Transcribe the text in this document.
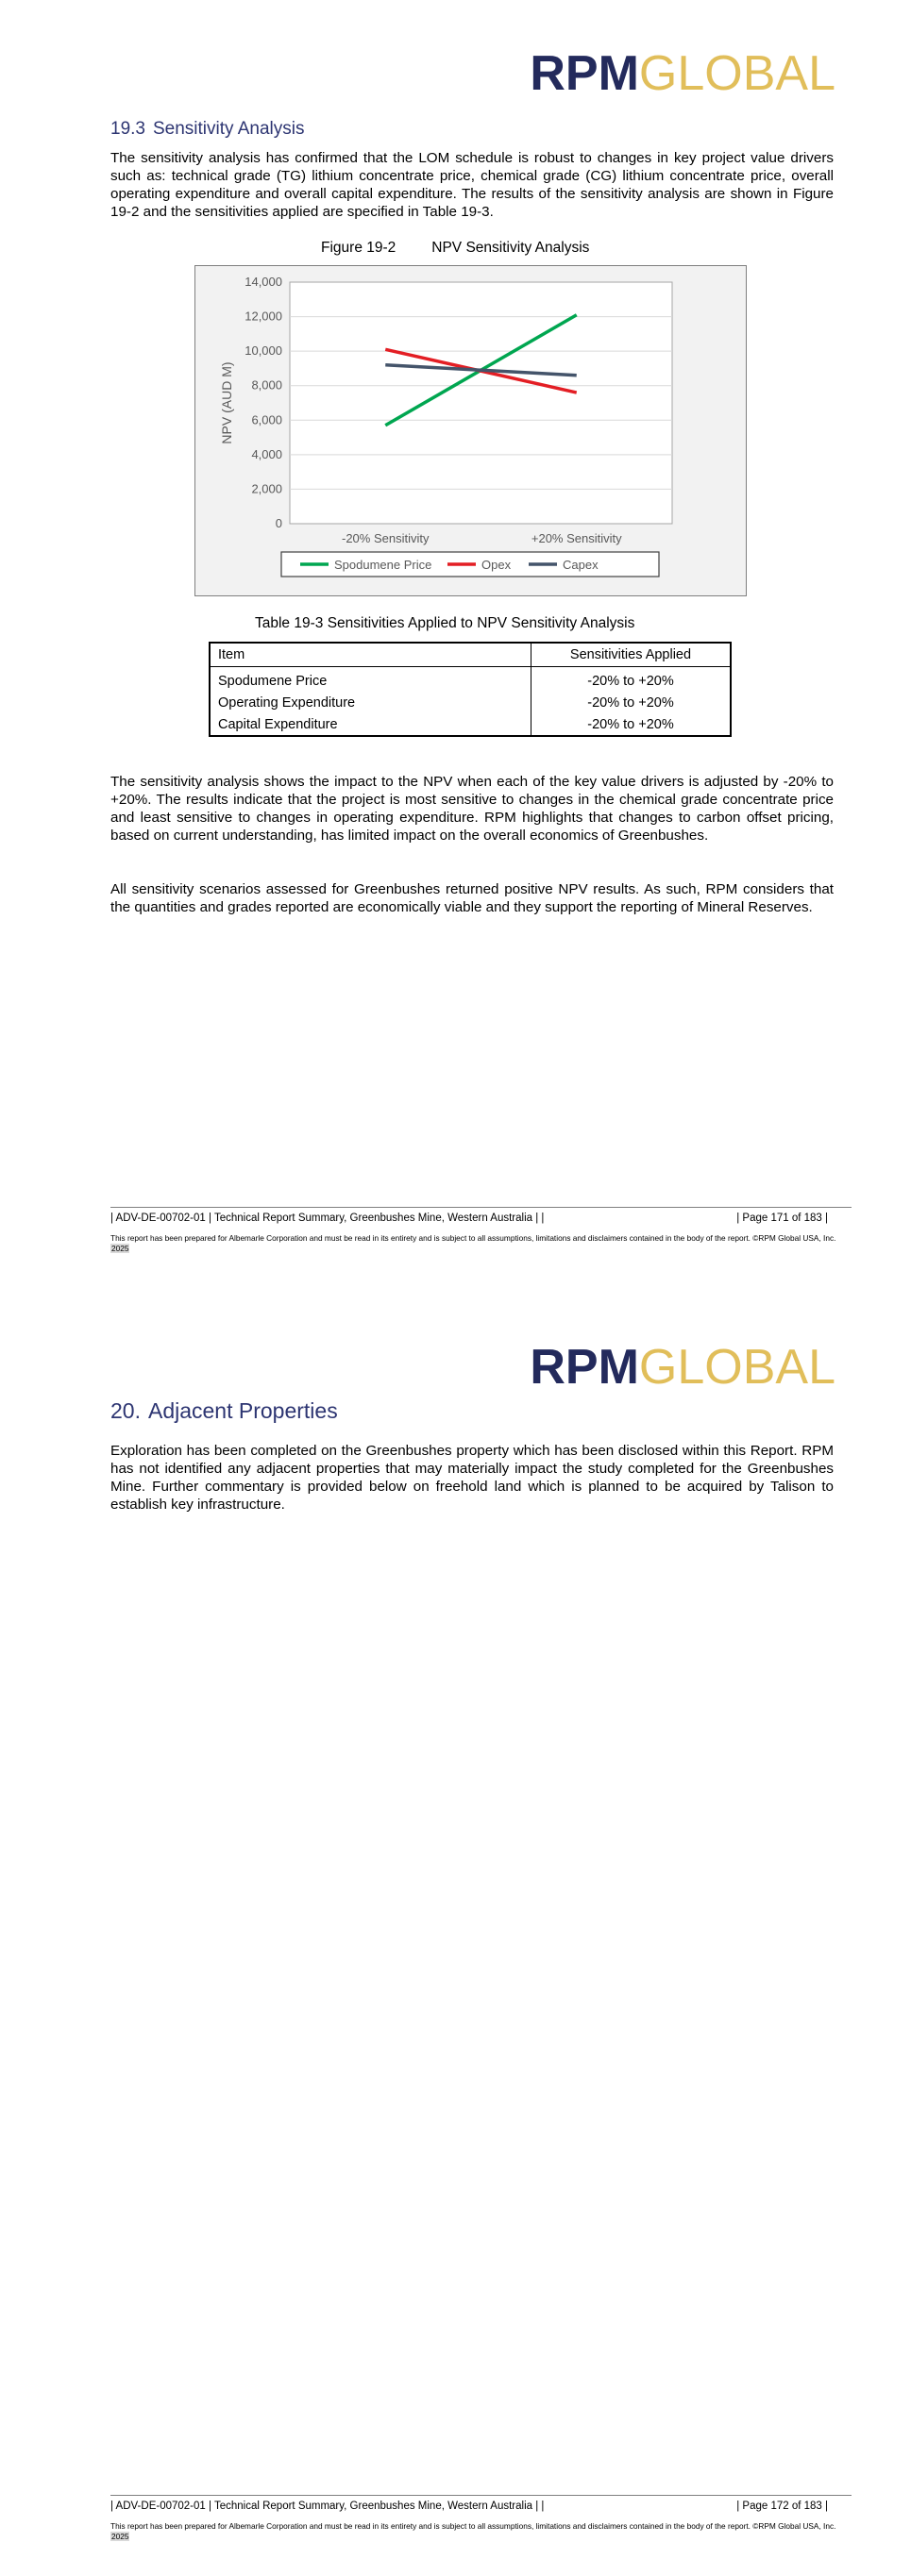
RPMGLOBAL
19.3 Sensitivity Analysis
The sensitivity analysis has confirmed that the LOM schedule is robust to changes in key project value drivers such as: technical grade (TG) lithium concentrate price, chemical grade (CG) lithium concentrate price, overall operating expenditure and overall capital expenditure. The results of the sensitivity analysis are shown in Figure 19-2 and the sensitivities applied are specified in Table 19-3.
Figure 19-2 NPV Sensitivity Analysis
0
2,000
4,000
6,000
8,000
10,000
12,000
14,000
NPV (AUD M)
-20% Sensitivity	+20% Sensitivity
Spodumene Price	Opex	Capex
Table 19-3 Sensitivities Applied to NPV Sensitivity Analysis
Item	Sensitivities Applied
Spodumene Price	-20% to +20%
Operating Expenditure	-20% to +20%
Capital Expenditure	-20% to +20%
The sensitivity analysis shows the impact to the NPV when each of the key value drivers is adjusted by -20% to +20%. The results indicate that the project is most sensitive to changes in the chemical grade concentrate price and least sensitive to changes in operating expenditure. RPM highlights that changes to carbon offset pricing, based on current understanding, has limited impact on the overall economics of Greenbushes.
All sensitivity scenarios assessed for Greenbushes returned positive NPV results. As such, RPM considers that the quantities and grades reported are economically viable and they support the reporting of Mineral Reserves.
| ADV-DE-00702-01 | Technical Report Summary, Greenbushes Mine, Western Australia | |	| Page 171 of 183 |
This report has been prepared for Albemarle Corporation and must be read in its entirety and is subject to all assumptions, limitations and disclaimers contained in the body of the report. ©RPM Global USA, Inc. 2025
RPMGLOBAL
20. Adjacent Properties
Exploration has been completed on the Greenbushes property which has been disclosed within this Report. RPM has not identified any adjacent properties that may materially impact the study completed for the Greenbushes Mine. Further commentary is provided below on freehold land which is planned to be acquired by Talison to establish key infrastructure.
| ADV-DE-00702-01 | Technical Report Summary, Greenbushes Mine, Western Australia | |	| Page 172 of 183 |
This report has been prepared for Albemarle Corporation and must be read in its entirety and is subject to all assumptions, limitations and disclaimers contained in the body of the report. ©RPM Global USA, Inc. 2025
